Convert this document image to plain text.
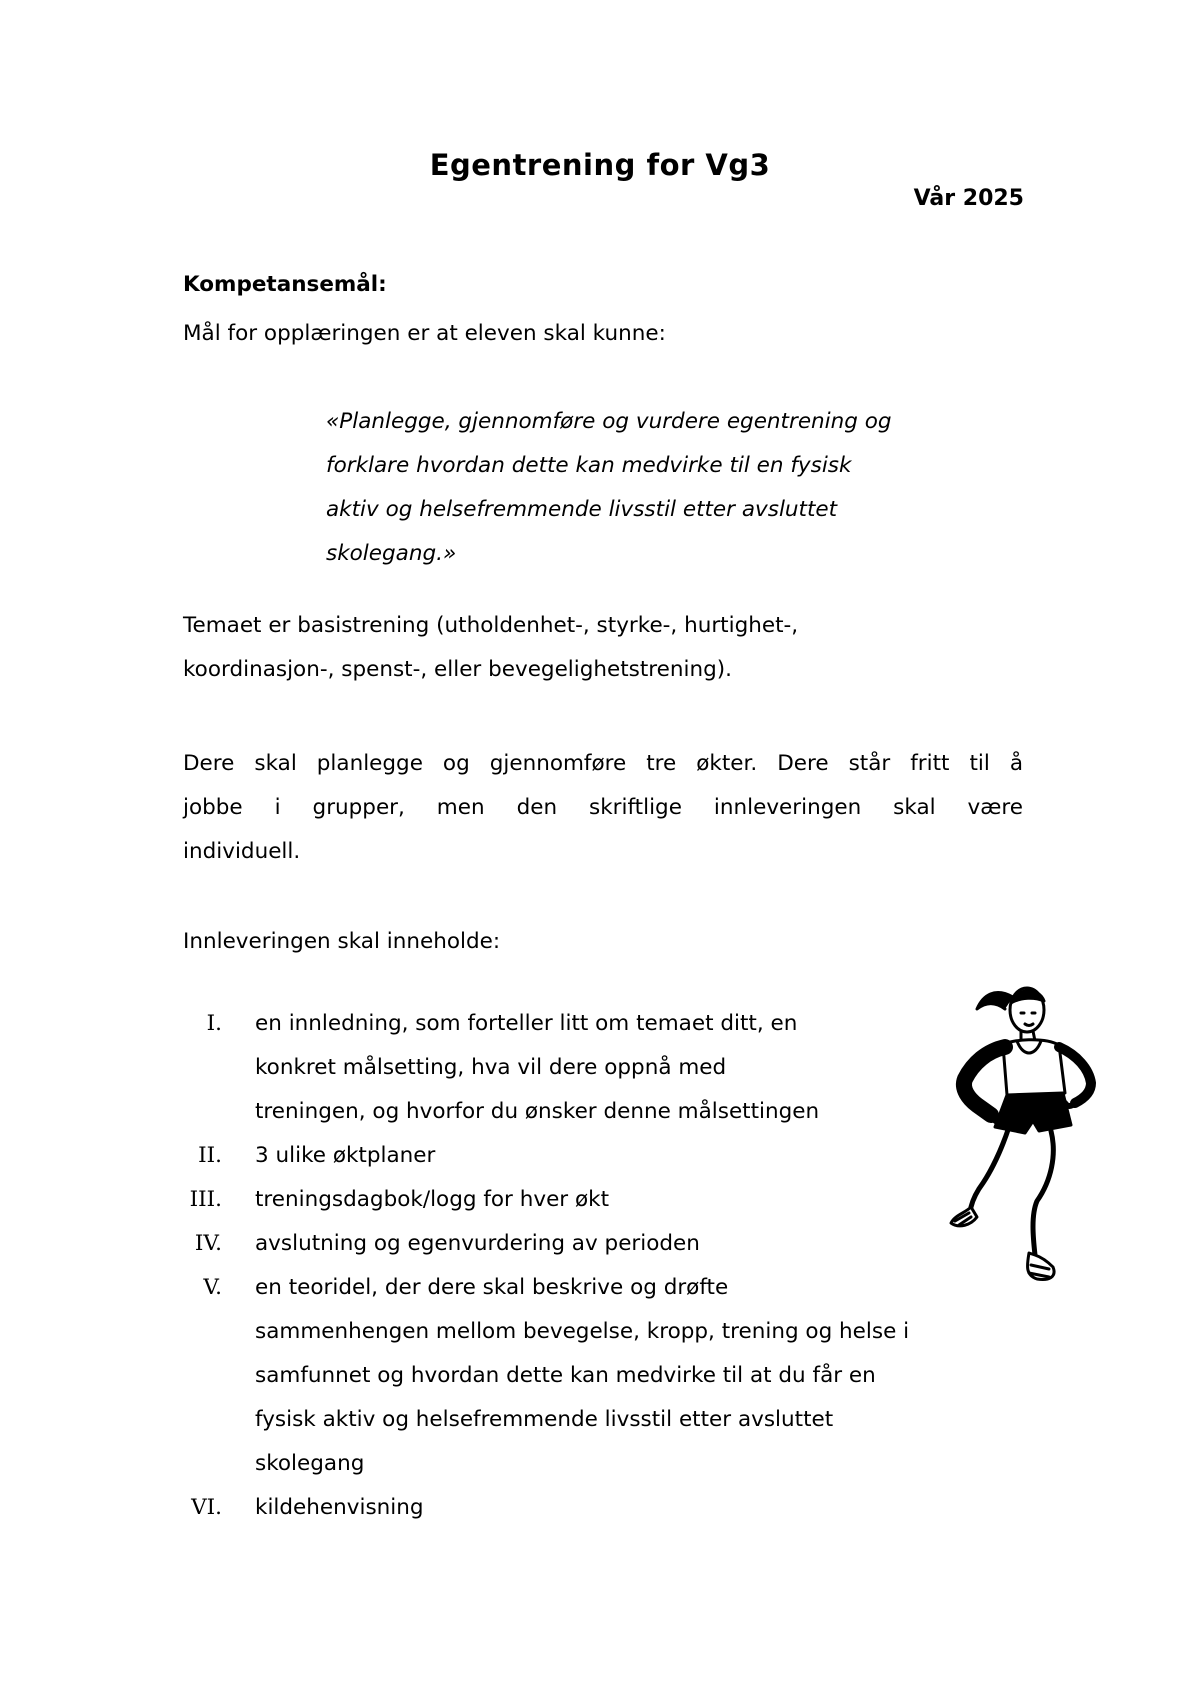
Egentrening for Vg3
Vår 2025
Kompetansemål:
Mål for opplæringen er at eleven skal kunne:
«Planlegge, gjennomføre og vurdere egentrening og
forklare hvordan dette kan medvirke til en fysisk
aktiv og helsefremmende livsstil etter avsluttet
skolegang.»
Temaet er basistrening (utholdenhet-, styrke-, hurtighet-,
koordinasjon-, spenst-, eller bevegelighetstrening).
Dere skal planlegge og gjennomføre tre økter. Dere står fritt til å
jobbe i grupper, men den skriftlige innleveringen skal være
individuell.
Innleveringen skal inneholde:
I. en innledning, som forteller litt om temaet ditt, en
konkret målsetting, hva vil dere oppnå med
treningen, og hvorfor du ønsker denne målsettingen
II. 3 ulike øktplaner
III. treningsdagbok/logg for hver økt
IV. avslutning og egenvurdering av perioden
V. en teoridel, der dere skal beskrive og drøfte
sammenhengen mellom bevegelse, kropp, trening og helse i
samfunnet og hvordan dette kan medvirke til at du får en
fysisk aktiv og helsefremmende livsstil etter avsluttet
skolegang
VI. kildehenvisning
